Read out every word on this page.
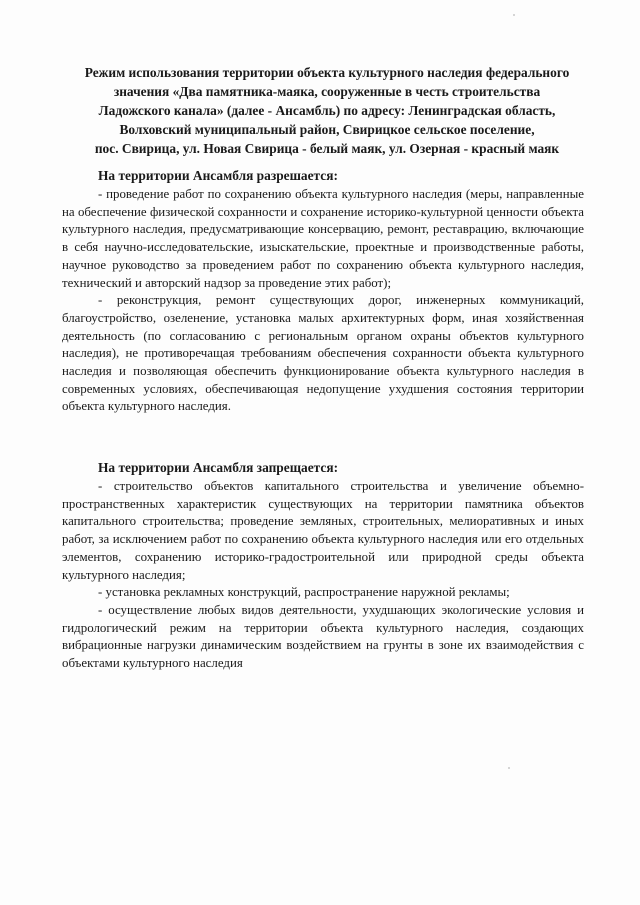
Режим использования территории объекта культурного наследия федерального
значения «Два памятника-маяка, сооруженные в честь строительства
Ладожского канала» (далее - Ансамбль) по адресу: Ленинградская область,
Волховский муниципальный район, Свирицкое сельское поселение,
пос. Свирица, ул. Новая Свирица - белый маяк, ул. Озерная - красный маяк
На территории Ансамбля разрешается:

- проведение работ по сохранению объекта культурного наследия (меры, направленные на обеспечение физической сохранности и сохранение историко-культурной ценности объекта культурного наследия, предусматривающие консервацию, ремонт, реставрацию, включающие в себя научно-исследовательские, изыскательские, проектные и производственные работы, научное руководство за проведением работ по сохранению объекта культурного наследия, технический и авторский надзор за проведение этих работ);

- реконструкция, ремонт существующих дорог, инженерных коммуникаций, благоустройство, озеленение, установка малых архитектурных форм, иная хозяйственная деятельность (по согласованию с региональным органом охраны объектов культурного наследия), не противоречащая требованиям обеспечения сохранности объекта культурного наследия и позволяющая обеспечить функционирование объекта культурного наследия в современных условиях, обеспечивающая недопущение ухудшения состояния территории объекта культурного наследия.

На территории Ансамбля запрещается:

- строительство объектов капитального строительства и увеличение объемно-пространственных характеристик существующих на территории памятника объектов капитального строительства; проведение земляных, строительных, мелиоративных и иных работ, за исключением работ по сохранению объекта культурного наследия или его отдельных элементов, сохранению историко-градостроительной или природной среды объекта культурного наследия;

- установка рекламных конструкций, распространение наружной рекламы;

- осуществление любых видов деятельности, ухудшающих экологические условия и гидрологический режим на территории объекта культурного наследия, создающих вибрационные нагрузки динамическим воздействием на грунты в зоне их взаимодействия с объектами культурного наследия
